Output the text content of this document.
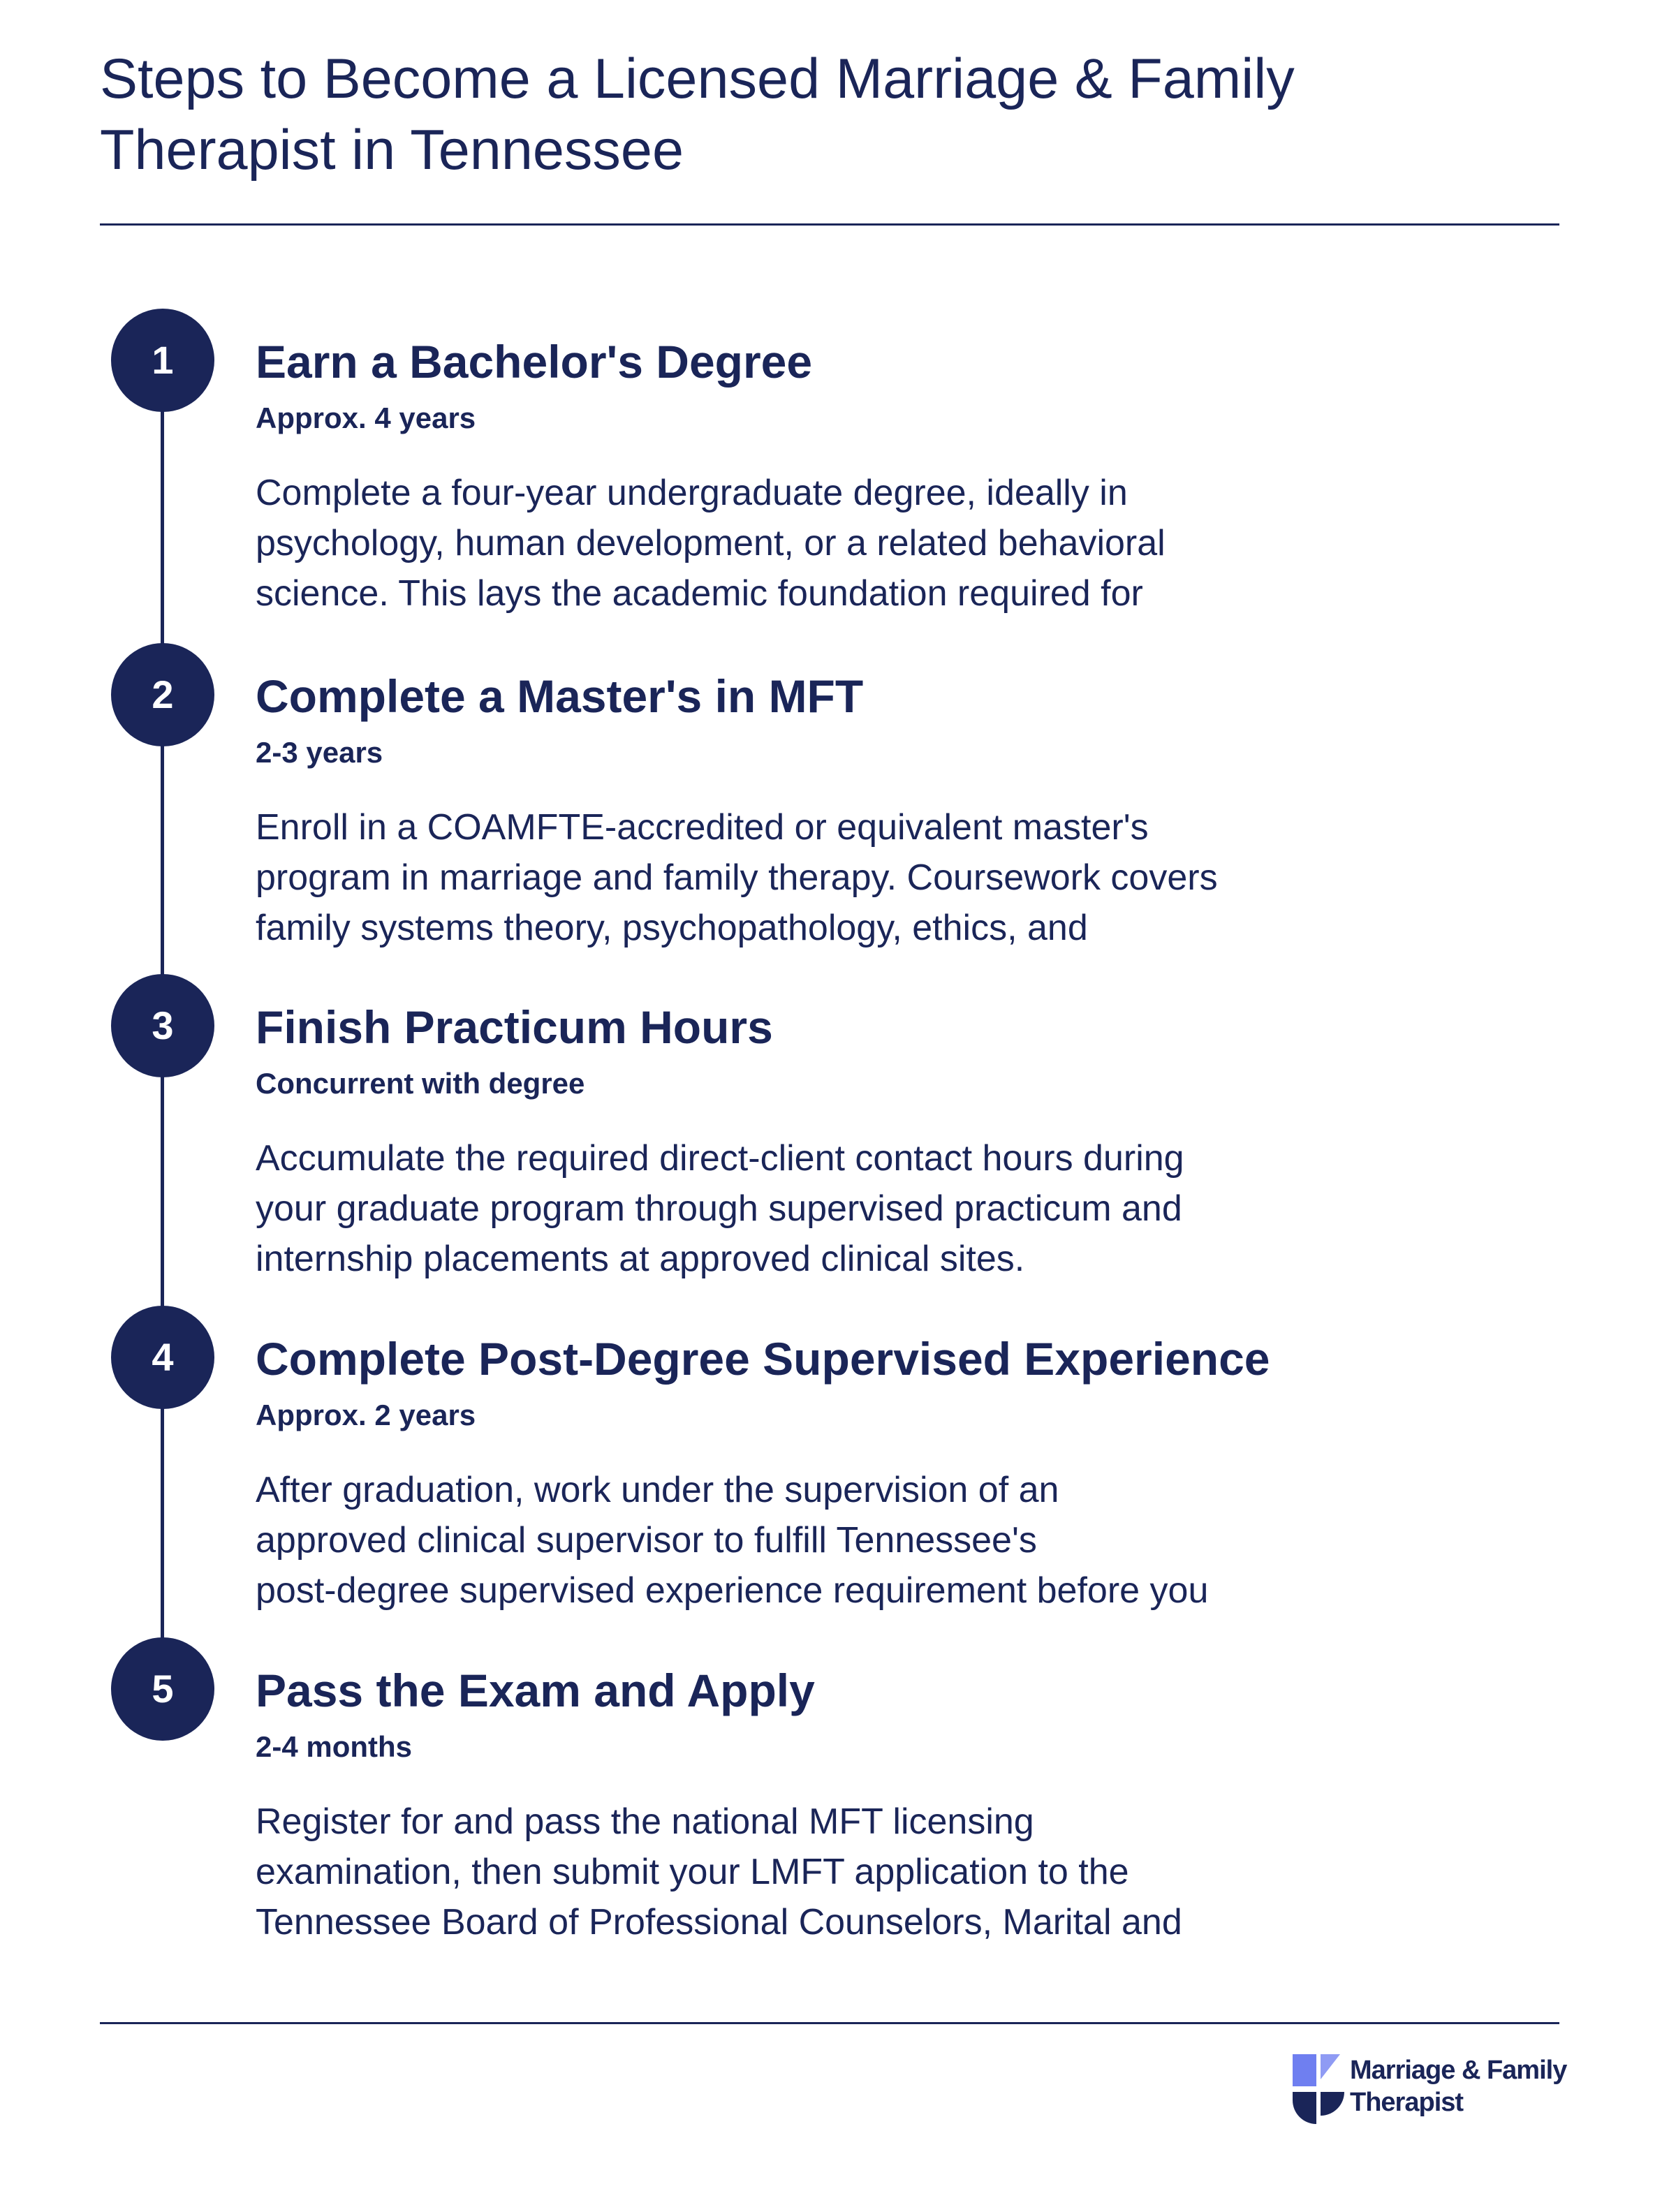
Steps to Become a Licensed Marriage & Family
Therapist in Tennessee
1	Earn a Bachelor's Degree
Approx. 4 years
Complete a four-year undergraduate degree, ideally in
psychology, human development, or a related behavioral
science. This lays the academic foundation required for
2	Complete a Master's in MFT
2-3 years
Enroll in a COAMFTE-accredited or equivalent master's
program in marriage and family therapy. Coursework covers
family systems theory, psychopathology, ethics, and
3	Finish Practicum Hours
Concurrent with degree
Accumulate the required direct-client contact hours during
your graduate program through supervised practicum and
internship placements at approved clinical sites.
4	Complete Post-Degree Supervised Experience
Approx. 2 years
After graduation, work under the supervision of an
approved clinical supervisor to fulfill Tennessee's
post-degree supervised experience requirement before you
5	Pass the Exam and Apply
2-4 months
Register for and pass the national MFT licensing
examination, then submit your LMFT application to the
Tennessee Board of Professional Counselors, Marital and
Marriage & Family
Therapist
